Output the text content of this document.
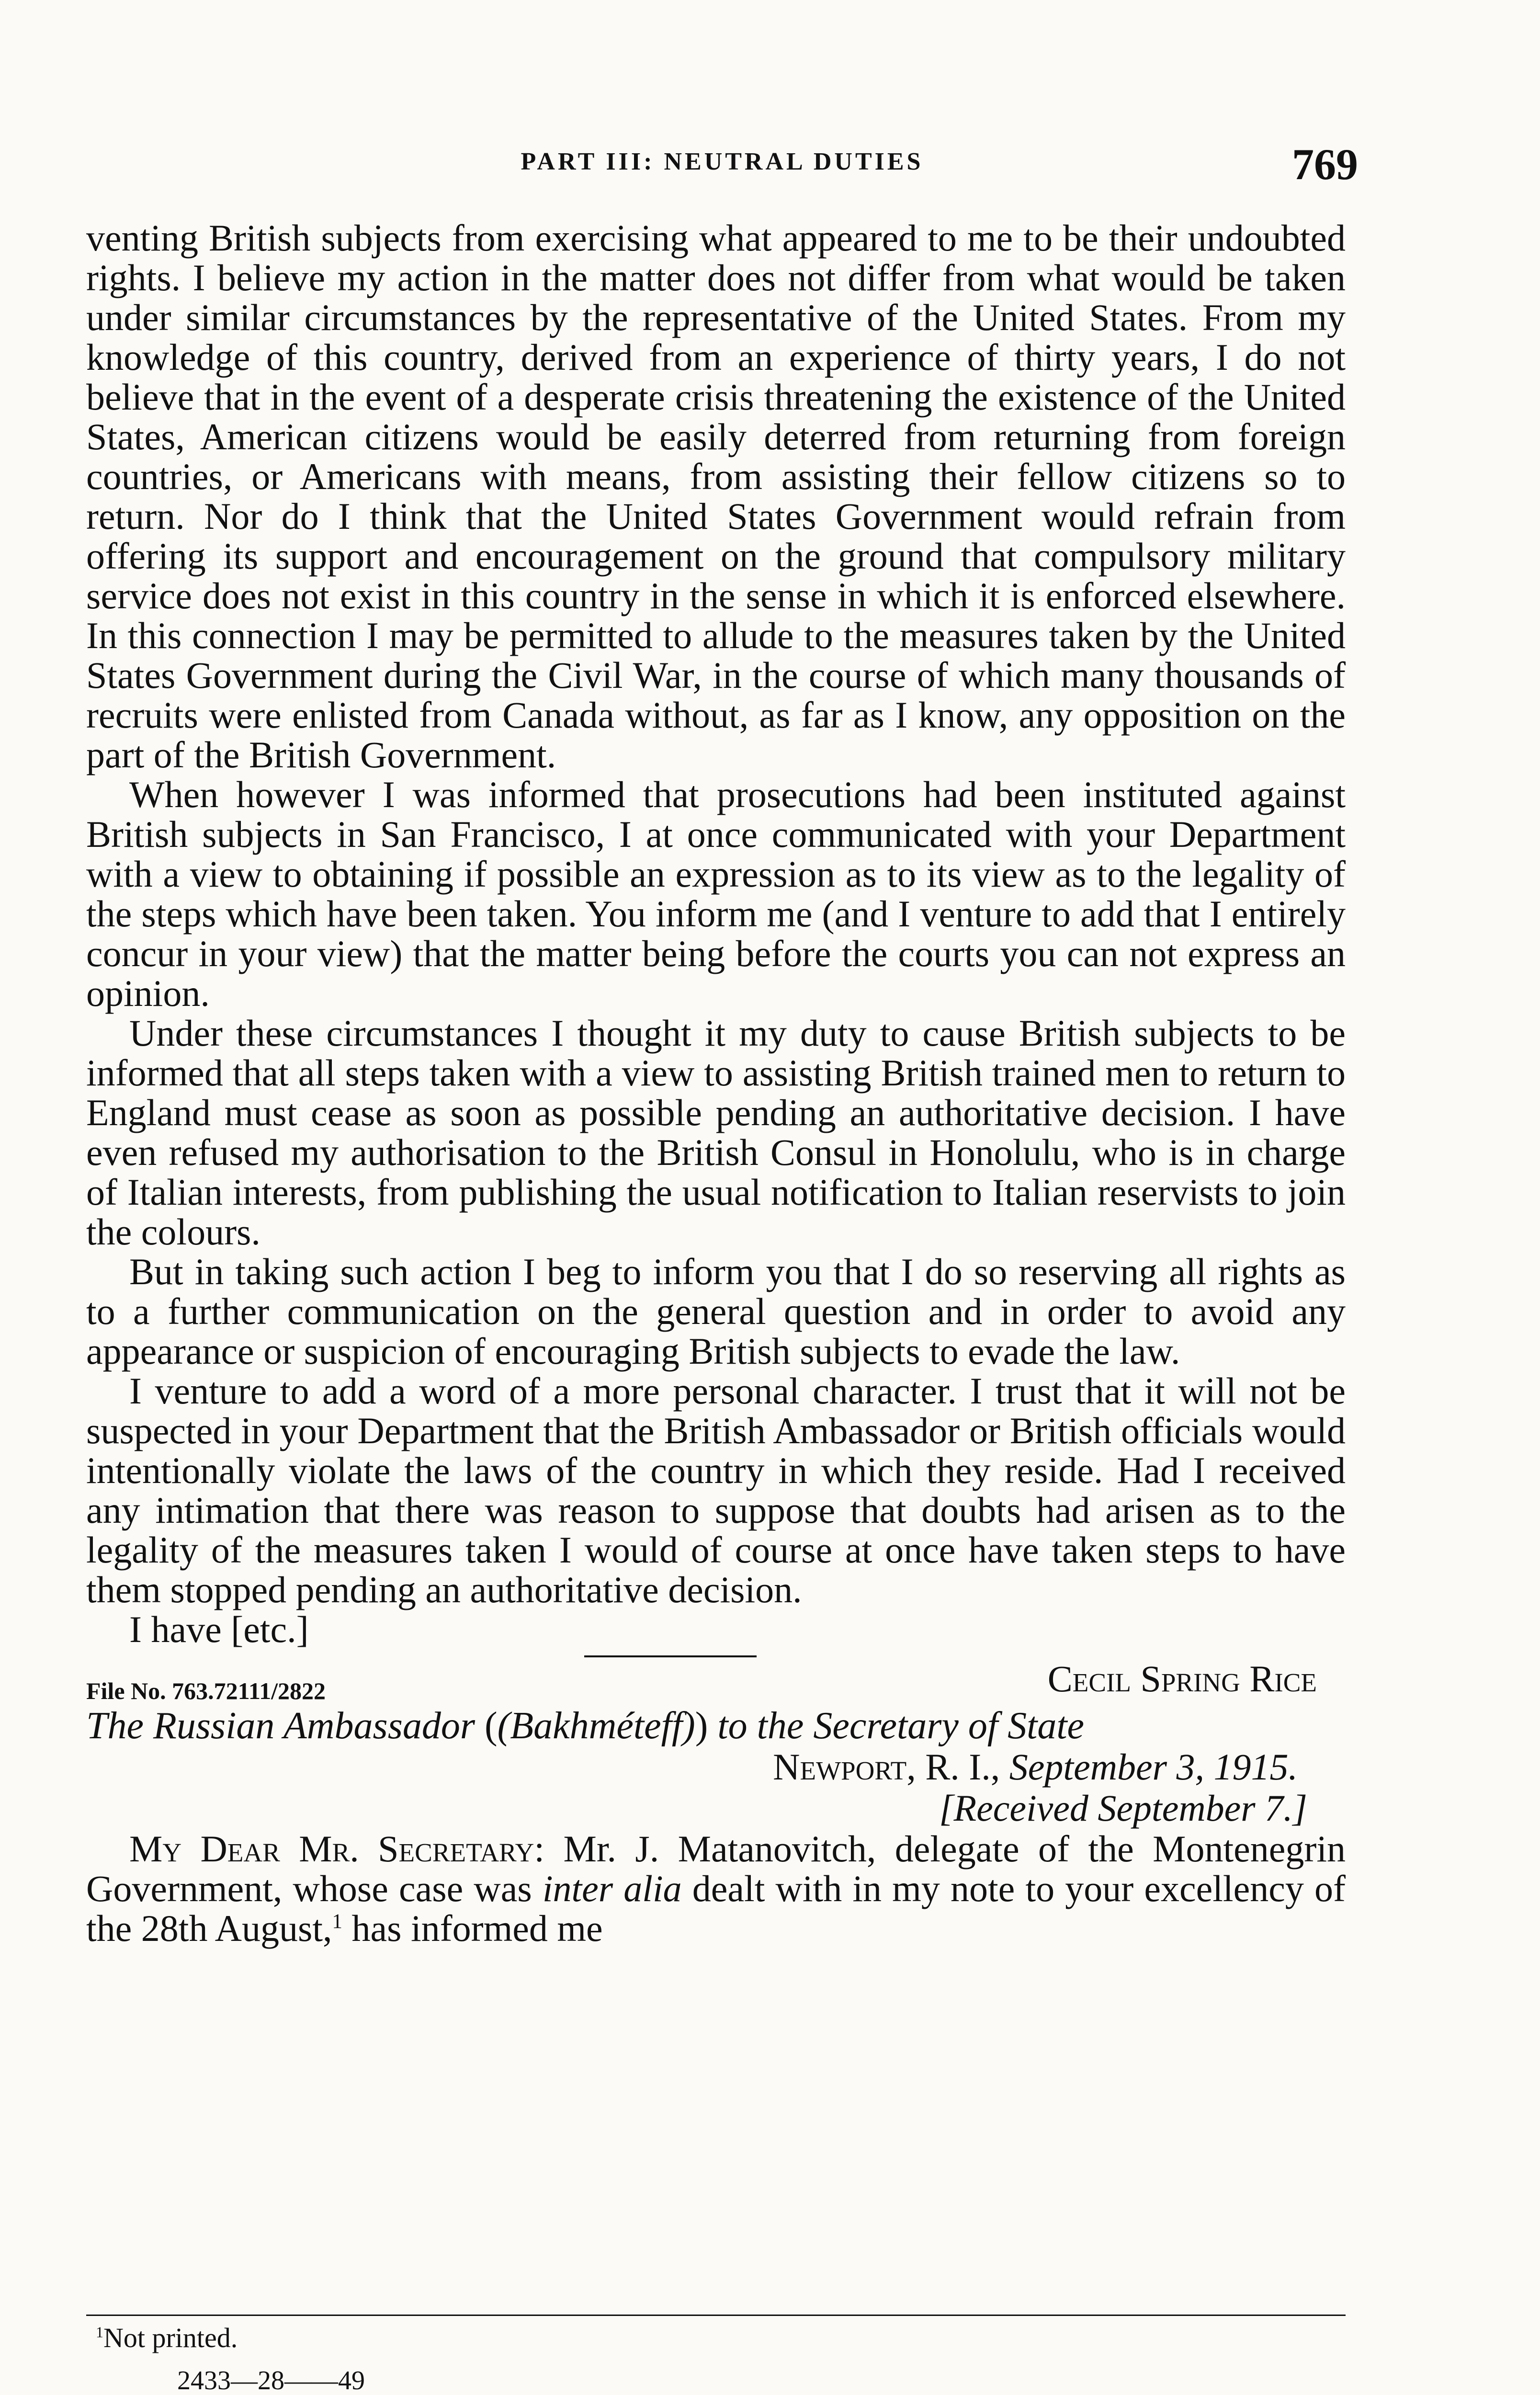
PART III: NEUTRAL DUTIES	769

venting British subjects from exercising what appeared to me to be their undoubted rights. I believe my action in the matter does not differ from what would be taken under similar circumstances by the representative of the United States. From my knowledge of this country, derived from an experience of thirty years, I do not believe that in the event of a desperate crisis threatening the existence of the United States, American citizens would be easily deterred from returning from foreign countries, or Americans with means, from assisting their fellow citizens so to return. Nor do I think that the United States Government would refrain from offering its support and encouragement on the ground that compulsory military service does not exist in this country in the sense in which it is enforced elsewhere. In this connection I may be permitted to allude to the measures taken by the United States Government during the Civil War, in the course of which many thousands of recruits were enlisted from Canada without, as far as I know, any opposition on the part of the British Government.

When however I was informed that prosecutions had been instituted against British subjects in San Francisco, I at once communicated with your Department with a view to obtaining if possible an expression as to its view as to the legality of the steps which have been taken. You inform me (and I venture to add that I entirely concur in your view) that the matter being before the courts you can not express an opinion.

Under these circumstances I thought it my duty to cause British subjects to be informed that all steps taken with a view to assisting British trained men to return to England must cease as soon as possible pending an authoritative decision. I have even refused my authorisation to the British Consul in Honolulu, who is in charge of Italian interests, from publishing the usual notification to Italian reservists to join the colours.

But in taking such action I beg to inform you that I do so reserving all rights as to a further communication on the general question and in order to avoid any appearance or suspicion of encouraging British subjects to evade the law.

I venture to add a word of a more personal character. I trust that it will not be suspected in your Department that the British Ambassador or British officials would intentionally violate the laws of the country in which they reside. Had I received any intimation that there was reason to suppose that doubts had arisen as to the legality of the measures taken I would of course at once have taken steps to have them stopped pending an authoritative decision.

I have [etc.]

Cecil Spring Rice
File No. 763.72111/2822
The Russian Ambassador ((Bakhméteff)) to the Secretary of State
Newport, R. I., September 3, 1915.
[Received September 7.]

My Dear Mr. Secretary: Mr. J. Matanovitch, delegate of the Montenegrin Government, whose case was inter alia dealt with in my note to your excellency of the 28th August,$^1$ has informed me

$^1$Not printed.
2433—28——49
